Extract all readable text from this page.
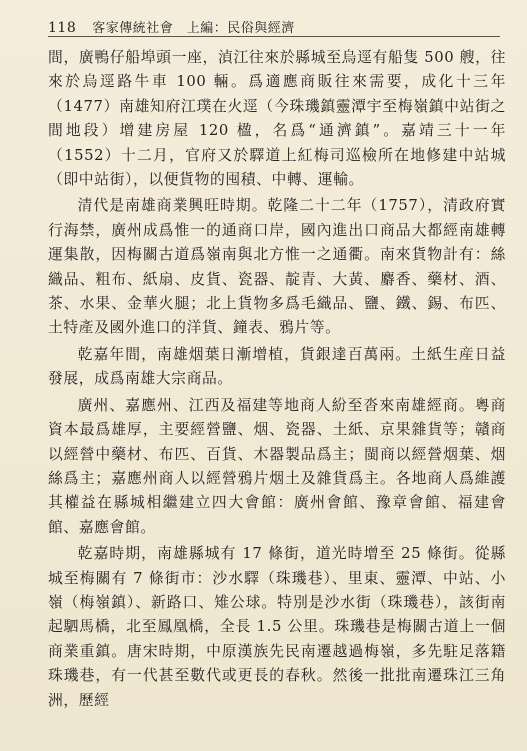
118 客家傳統社會　上編：民俗與經濟

間，廣鴨仔船埠頭一座，湞江往來於縣城至烏逕有船隻 500 艘，往來於烏逕路牛車 100 輛。爲適應商販往來需要，成化十三年（1477）南雄知府江璞在火逕（今珠璣鎮靈潭宇至梅嶺鎮中站街之間地段）增建房屋 120 楹，名爲“通濟鎮”。嘉靖三十一年（1552）十二月，官府又於驛道上紅梅司巡檢所在地修建中站城（即中站街），以便貨物的囤積、中轉、運輸。

清代是南雄商業興旺時期。乾隆二十二年（1757），清政府實行海禁，廣州成爲惟一的通商口岸，國內進出口商品大都經南雄轉運集散，因梅關古道爲嶺南與北方惟一之通衢。南來貨物計有：絲織品、粗布、紙扇、皮貨、瓷器、靛青、大黃、麝香、藥材、酒、茶、水果、金華火腿；北上貨物多爲毛織品、鹽、鐵、錫、布匹、土特產及國外進口的洋貨、鐘表、鴉片等。

乾嘉年間，南雄烟葉日漸增植，貨銀達百萬兩。土紙生産日益發展，成爲南雄大宗商品。

廣州、嘉應州、江西及福建等地商人紛至沓來南雄經商。粵商資本最爲雄厚，主要經營鹽、烟、瓷器、土紙、京果雜貨等；贛商以經營中藥材、布匹、百貨、木器製品爲主；閩商以經營烟葉、烟絲爲主；嘉應州商人以經營鴉片烟土及雜貨爲主。各地商人爲維護其權益在縣城相繼建立四大會館：廣州會館、豫章會館、福建會館、嘉應會館。

乾嘉時期，南雄縣城有 17 條街，道光時增至 25 條街。從縣城至梅關有 7 條街市：沙水驛（珠璣巷）、里東、靈潭、中站、小嶺（梅嶺鎮）、新路口、雉公球。特別是沙水街（珠璣巷），該街南起駟馬橋，北至鳳凰橋，全長 1.5 公里。珠璣巷是梅關古道上一個商業重鎮。唐宋時期，中原漢族先民南遷越過梅嶺，多先駐足落籍珠璣巷，有一代甚至數代或更長的春秋。然後一批批南遷珠江三角洲，歷經
